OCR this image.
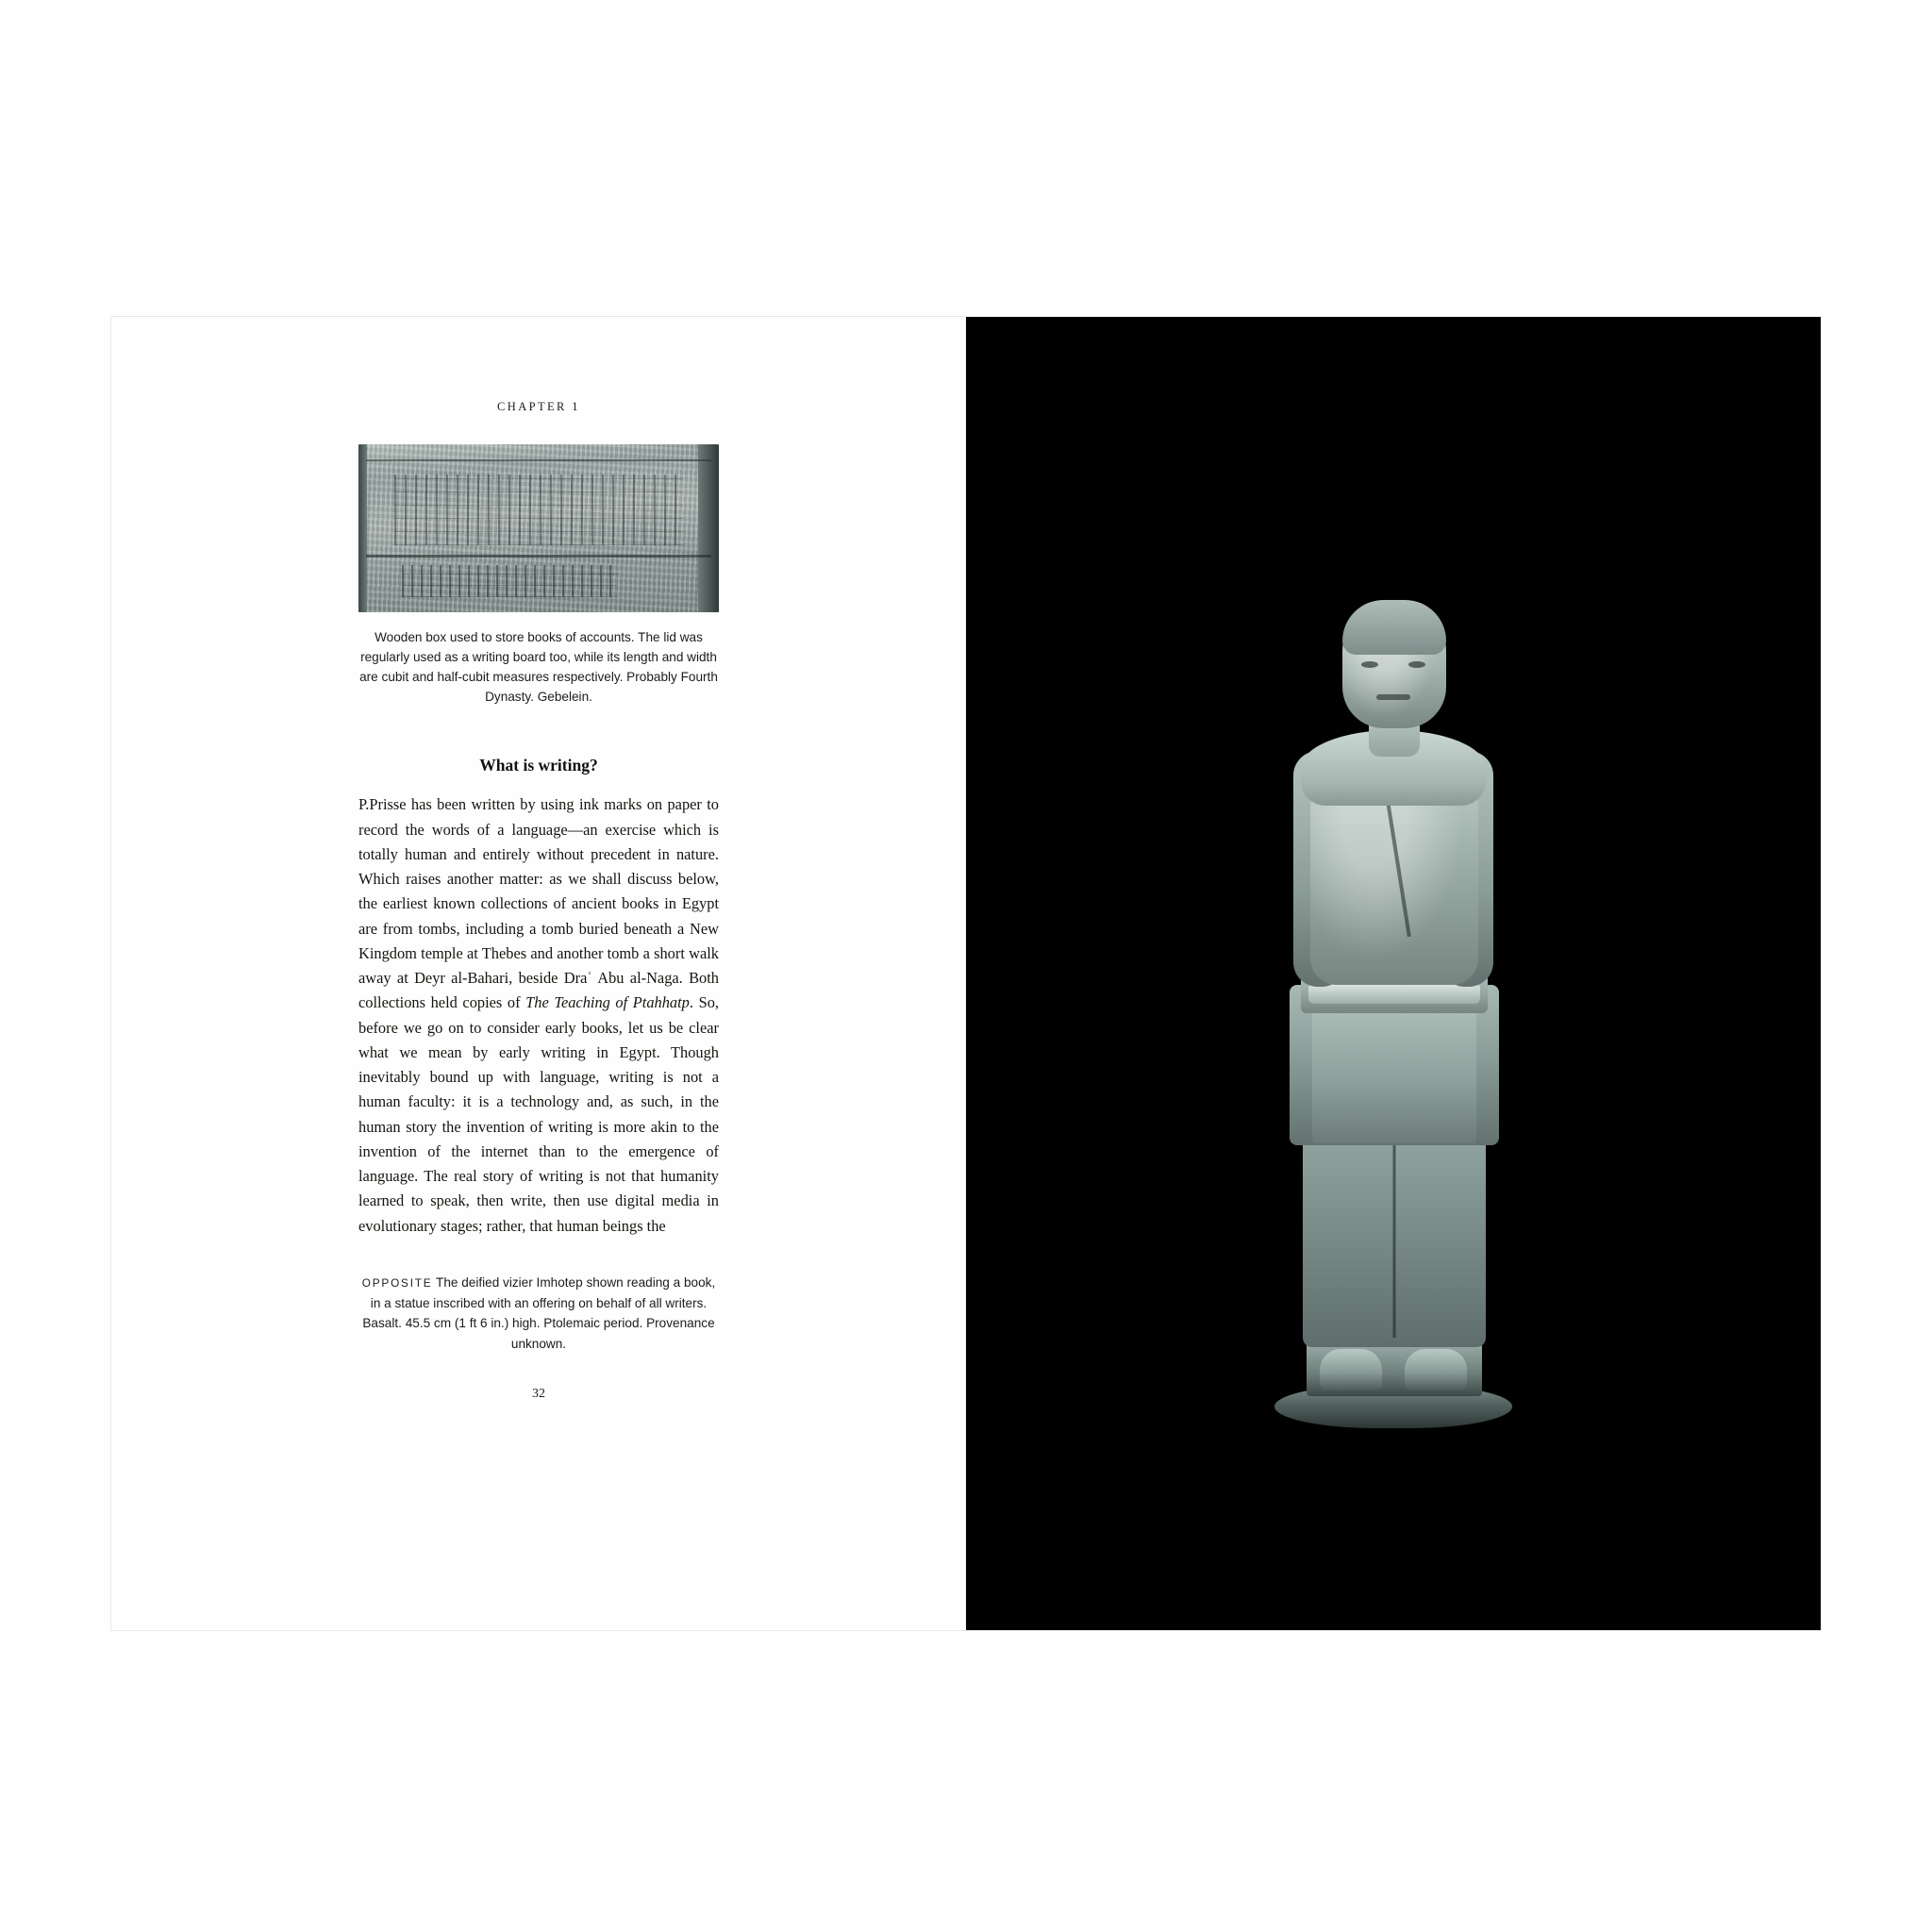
CHAPTER 1
Wooden box used to store books of accounts. The lid was regularly used as a writing board too, while its length and width are cubit and half-cubit measures respectively. Probably Fourth Dynasty. Gebelein.
What is writing?
P.Prisse has been written by using ink marks on paper to record the words of a language—an exercise which is totally human and entirely without precedent in nature. Which raises another matter: as we shall discuss below, the earliest known collections of ancient books in Egypt are from tombs, including a tomb buried beneath a New Kingdom temple at Thebes and another tomb a short walk away at Deyr al-Bahari, beside Draʿ Abu al-Naga. Both collections held copies of The Teaching of Ptahhatp. So, before we go on to consider early books, let us be clear what we mean by early writing in Egypt. Though inevitably bound up with language, writing is not a human faculty: it is a technology and, as such, in the human story the invention of writing is more akin to the invention of the internet than to the emergence of language. The real story of writing is not that humanity learned to speak, then write, then use digital media in evolutionary stages; rather, that human beings the
OPPOSITE The deified vizier Imhotep shown reading a book, in a statue inscribed with an offering on behalf of all writers. Basalt. 45.5 cm (1 ft 6 in.) high. Ptolemaic period. Provenance unknown.
32
